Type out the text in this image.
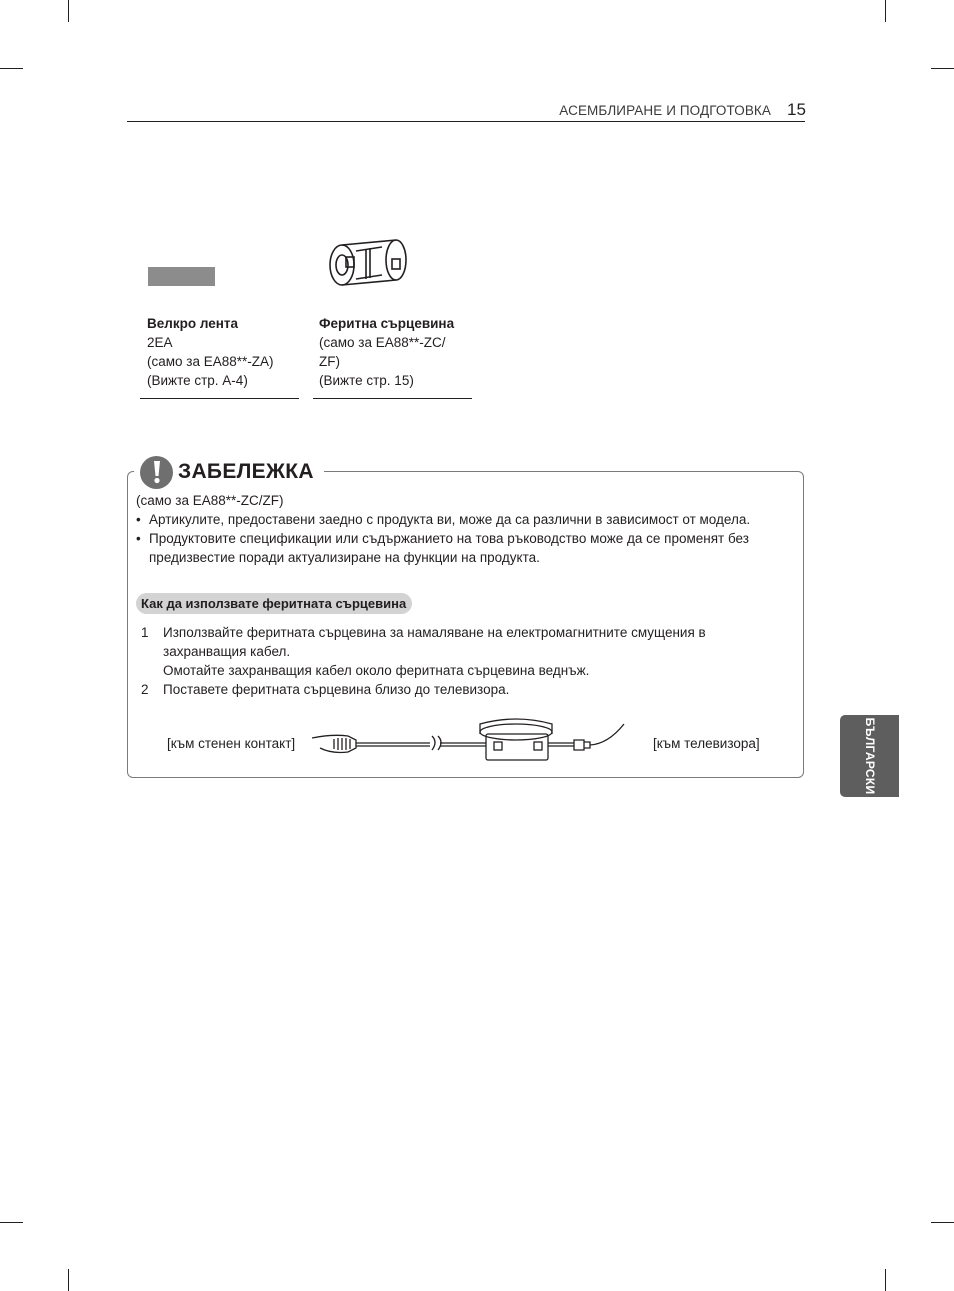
АСЕМБЛИРАНЕ И ПОДГОТОВКА 15
Велкро лента
2EA
(само за EA88**-ZA)
(Вижте стр. A-4)
Феритна сърцевина
(само за EA88**-ZC/
ZF)
(Вижте стр. 15)
ЗАБЕЛЕЖКА
(само за EA88**-ZC/ZF)
• Артикулите, предоставени заедно с продукта ви, може да са различни в зависимост от модела.
• Продуктовите спецификации или съдържанието на това ръководство може да се променят без
предизвестие поради актуализиране на функции на продукта.
Как да използвате феритната сърцевина
1 Използвайте феритната сърцевина за намаляване на електромагнитните смущения в
захранващия кабел.
Омотайте захранващия кабел около феритната сърцевина веднъж.
2 Поставете феритната сърцевина близо до телевизора.
[към стенен контакт]	[към телевизора]	БЪЛГАРСКИ
